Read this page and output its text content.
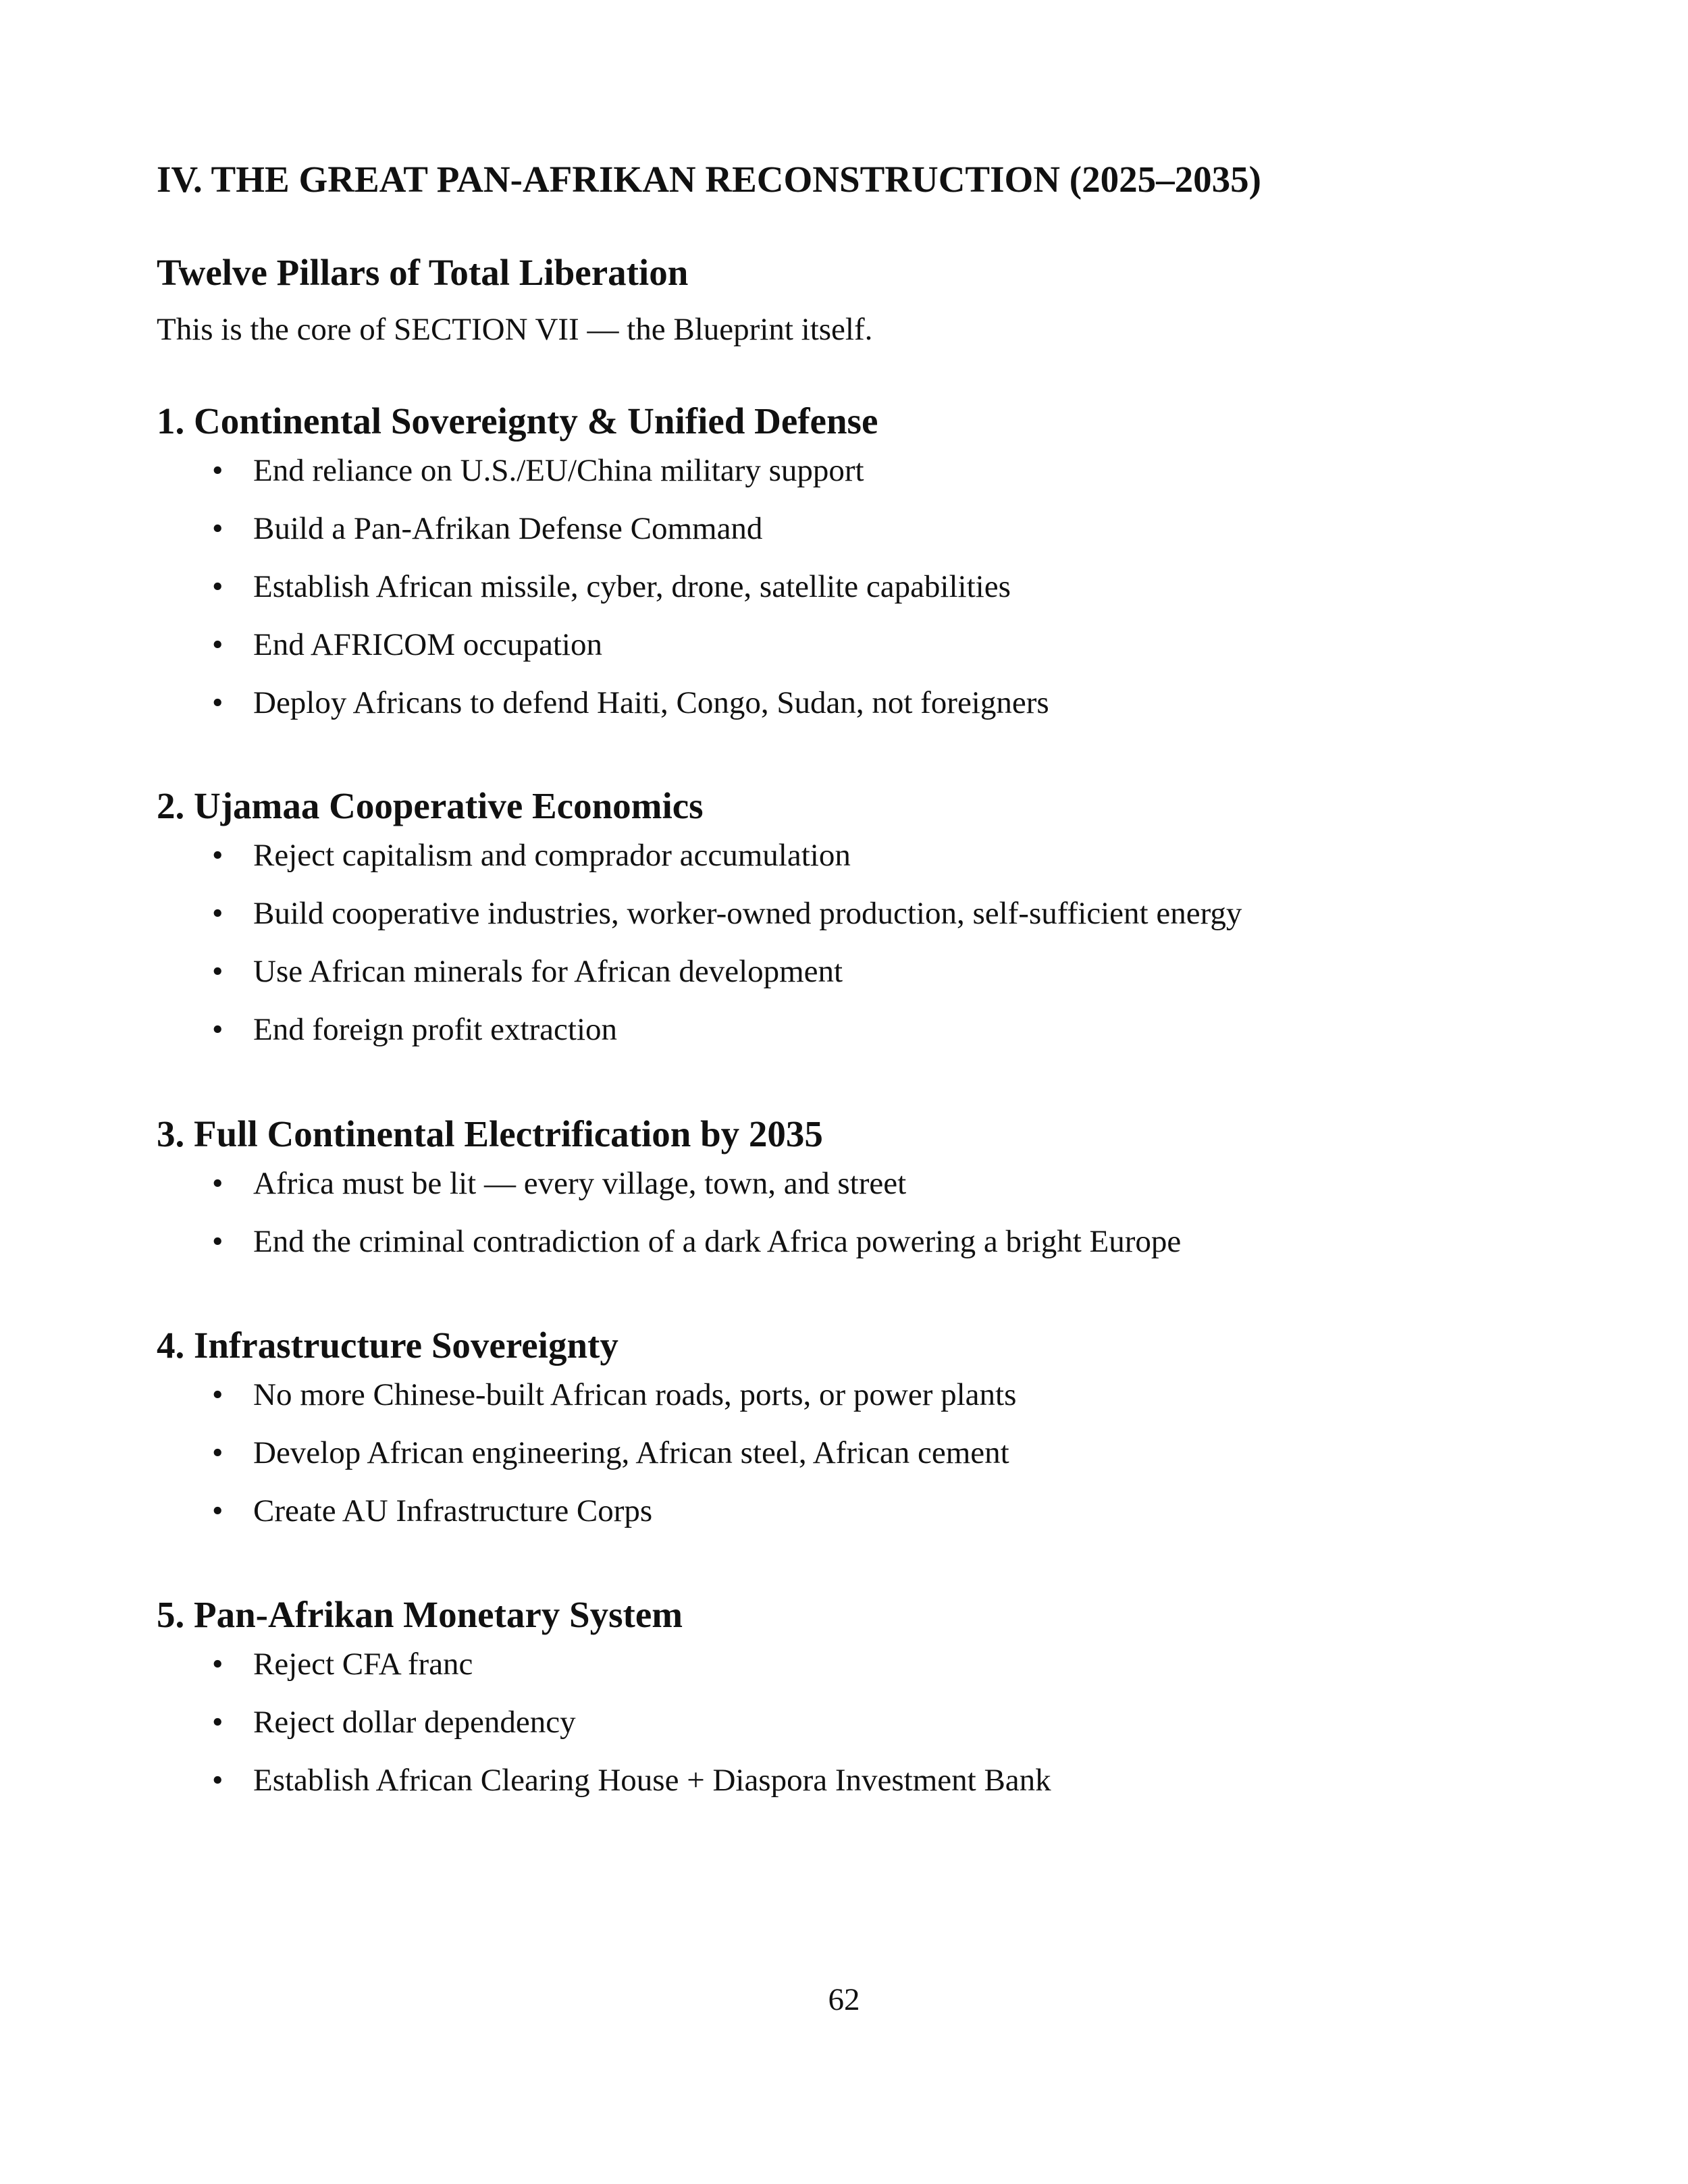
IV. THE GREAT PAN-AFRIKAN RECONSTRUCTION (2025–2035)
Twelve Pillars of Total Liberation

This is the core of SECTION VII — the Blueprint itself.

1. Continental Sovereignty & Unified Defense
• End reliance on U.S./EU/China military support
• Build a Pan-Afrikan Defense Command
• Establish African missile, cyber, drone, satellite capabilities
• End AFRICOM occupation
• Deploy Africans to defend Haiti, Congo, Sudan, not foreigners
2. Ujamaa Cooperative Economics
• Reject capitalism and comprador accumulation
• Build cooperative industries, worker-owned production, self-sufficient energy
• Use African minerals for African development
• End foreign profit extraction
3. Full Continental Electrification by 2035
• Africa must be lit — every village, town, and street
• End the criminal contradiction of a dark Africa powering a bright Europe
4. Infrastructure Sovereignty
• No more Chinese-built African roads, ports, or power plants
• Develop African engineering, African steel, African cement
• Create AU Infrastructure Corps
5. Pan-Afrikan Monetary System
• Reject CFA franc
• Reject dollar dependency
• Establish African Clearing House + Diaspora Investment Bank
62
